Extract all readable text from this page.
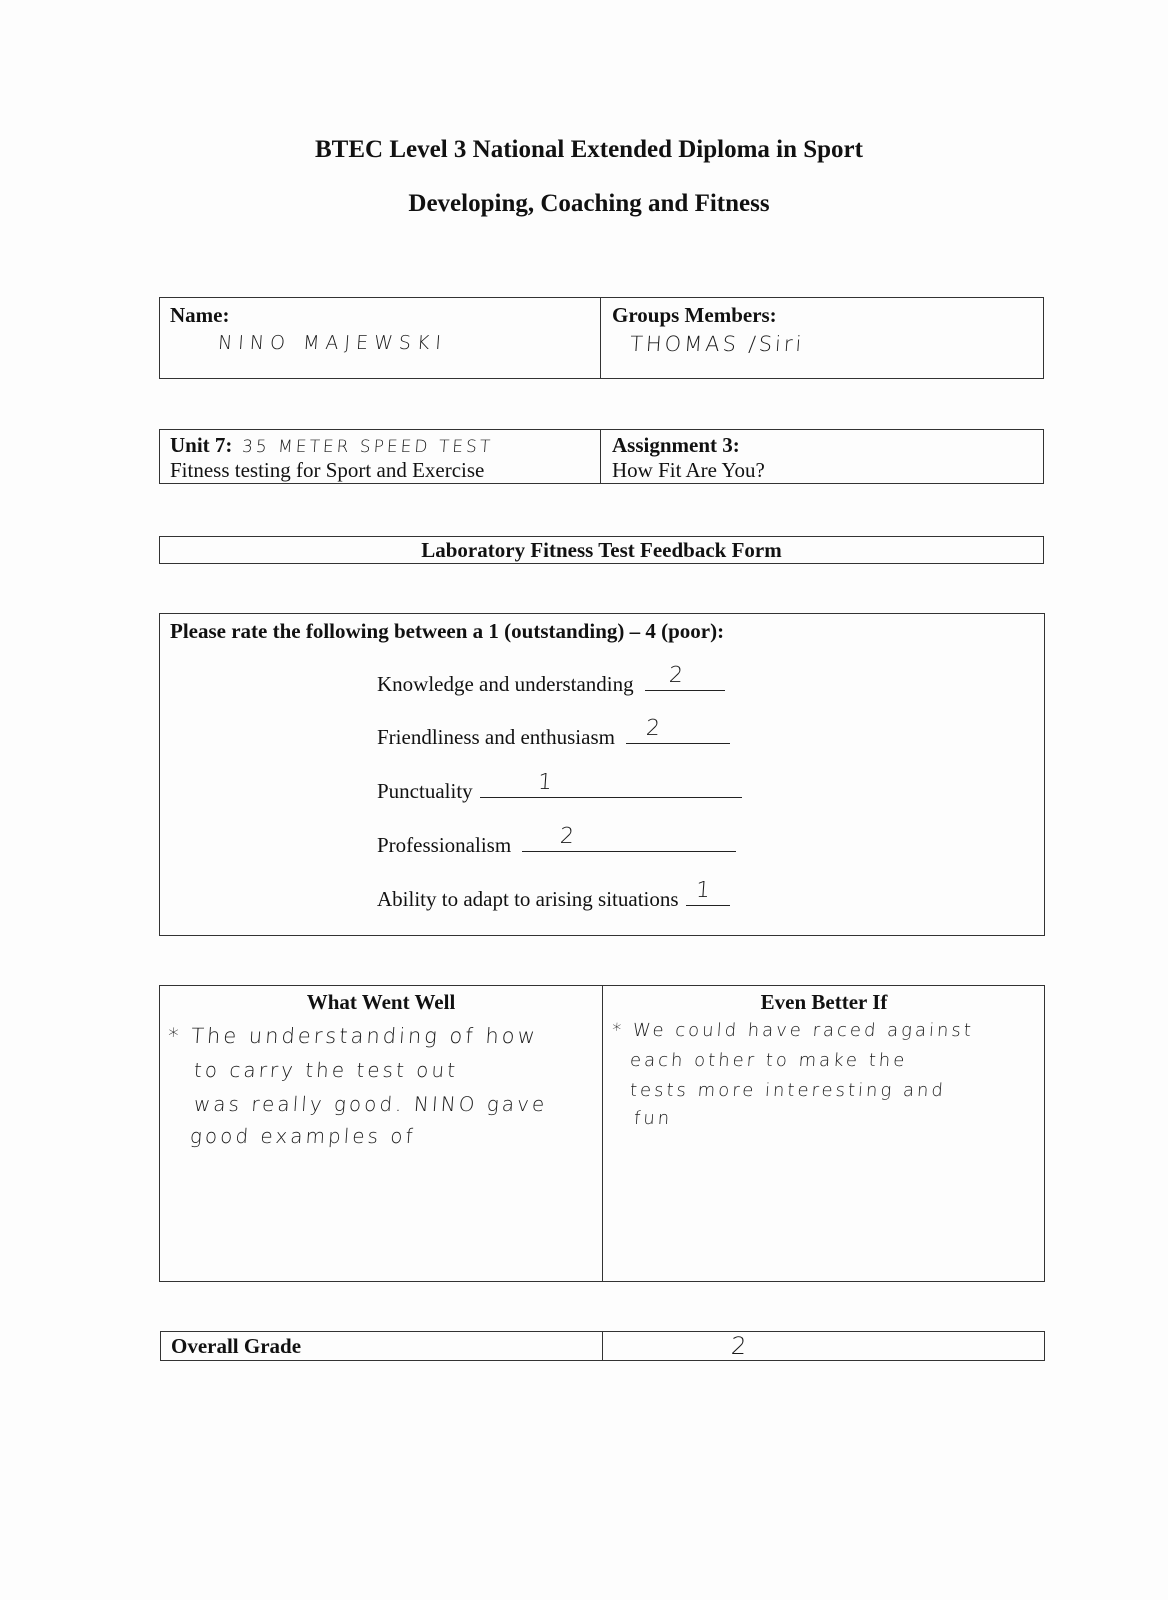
BTEC Level 3 National Extended Diploma in Sport
Developing, Coaching and Fitness
Name:
NINO MAJEWSKI
Groups Members:
THOMAS /Siri
Unit 7: 35 METER SPEED TEST
Fitness testing for Sport and Exercise
Assignment 3:
How Fit Are You?
Laboratory Fitness Test Feedback Form
Please rate the following between a 1 (outstanding) – 4 (poor):
Knowledge and understanding 2
Friendliness and enthusiasm 2
Punctuality	1
Professionalism 2
Ability to adapt to arising situations 1
What Went Well	Even Better If
* The understanding of how
to carry the test out
was really good. NINO gave
good examples of
* We could have raced against
each other to make the
tests more interesting and
fun
Overall Grade	2
